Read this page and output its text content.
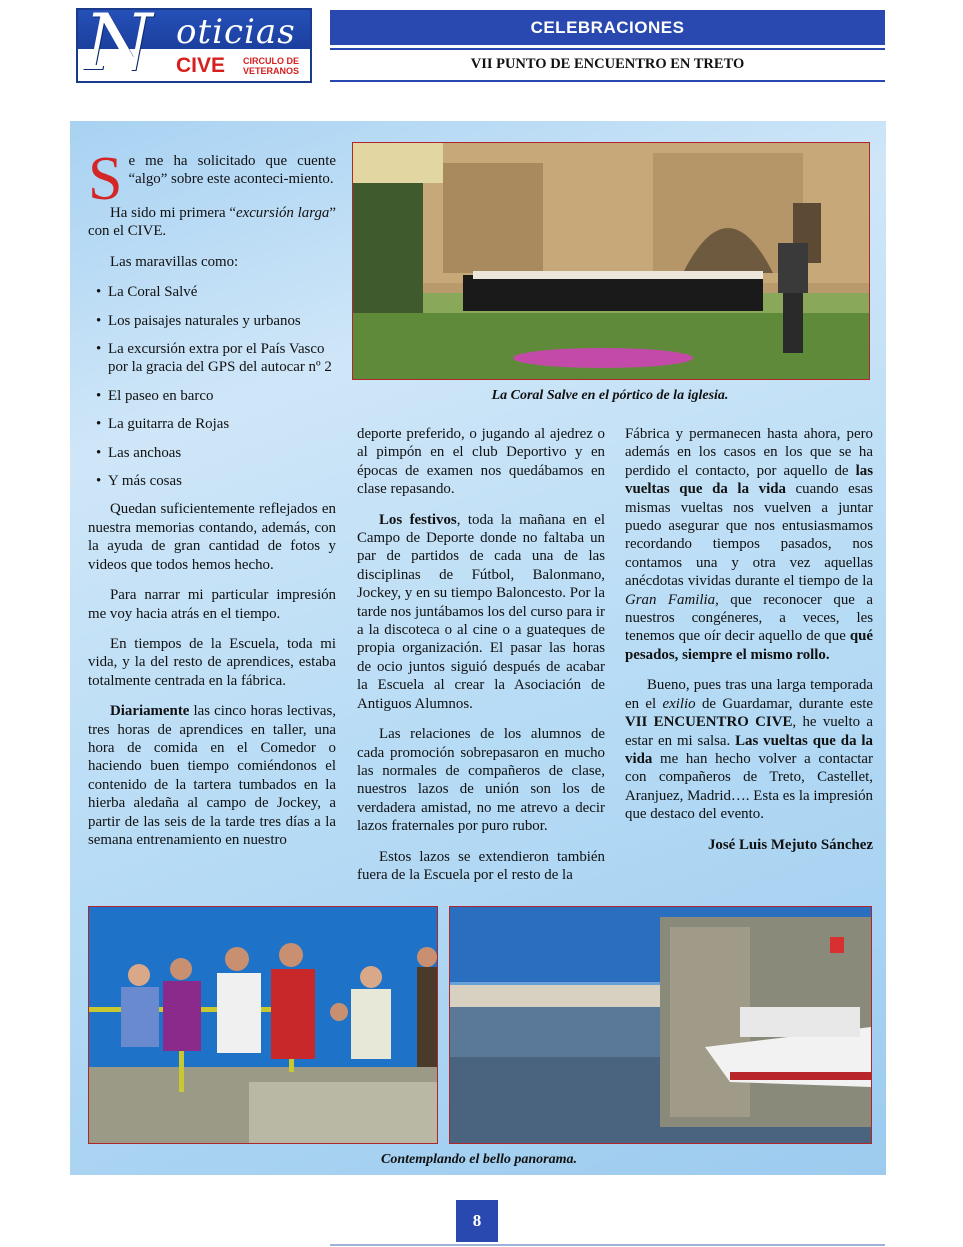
N oticias
CIVE	CIRCULO DE
VETERANOS
CELEBRACIONES
VII PUNTO DE ENCUENTRO EN TRETO

S e me ha solicitado que cuente “algo” sobre este aconteci-miento.

Ha sido mi primera “excursión larga” con el CIVE.

Las maravillas como:

• La Coral Salvé

• Los paisajes naturales y urbanos

• La excursión extra por el País Vasco por la gracia del GPS del autocar nº 2

• El paseo en barco

• La guitarra de Rojas

• Las anchoas

• Y más cosas

Quedan suficientemente reflejados en nuestra memorias contando, además, con la ayuda de gran cantidad de fotos y videos que todos hemos hecho.

Para narrar mi particular impresión me voy hacia atrás en el tiempo.

En tiempos de la Escuela, toda mi vida, y la del resto de aprendices, estaba totalmente centrada en la fábrica.

Diariamente las cinco horas lectivas, tres horas de aprendices en taller, una hora de comida en el Comedor o haciendo buen tiempo comiéndonos el contenido de la tartera tumbados en la hierba aledaña al campo de Jockey, a partir de las seis de la tarde tres días a la semana entrenamiento en nuestro

La Coral Salve en el pórtico de la iglesia.

deporte preferido, o jugando al ajedrez o al pimpón en el club Deportivo y en épocas de examen nos quedábamos en clase repasando.

Los festivos, toda la mañana en el Campo de Deporte donde no faltaba un par de partidos de cada una de las disciplinas de Fútbol, Balonmano, Jockey, y en su tiempo Baloncesto. Por la tarde nos juntábamos los del curso para ir a la discoteca o al cine o a guateques de propia organización. El pasar las horas de ocio juntos siguió después de acabar la Escuela al crear la Asociación de Antiguos Alumnos.

Las relaciones de los alumnos de cada promoción sobrepasaron en mucho las normales de compañeros de clase, nuestros lazos de unión son los de verdadera amistad, no me atrevo a decir lazos fraternales por puro rubor.

Estos lazos se extendieron también fuera de la Escuela por el resto de la

Fábrica y permanecen hasta ahora, pero además en los casos en los que se ha perdido el contacto, por aquello de las vueltas que da la vida cuando esas mismas vueltas nos vuelven a juntar puedo asegurar que nos entusiasmamos recordando tiempos pasados, nos contamos una y otra vez aquellas anécdotas vividas durante el tiempo de la Gran Familia, que reconocer que a nuestros congéneres, a veces, les tenemos que oír decir aquello de que qué pesados, siempre el mismo rollo.

Bueno, pues tras una larga temporada en el exilio de Guardamar, durante este VII ENCUENTRO CIVE, he vuelto a estar en mi salsa. Las vueltas que da la vida me han hecho volver a contactar con compañeros de Treto, Castellet, Aranjuez, Madrid…. Esta es la impresión que destaco del evento.

José Luis Mejuto Sánchez

Contemplando el bello panorama.
8
